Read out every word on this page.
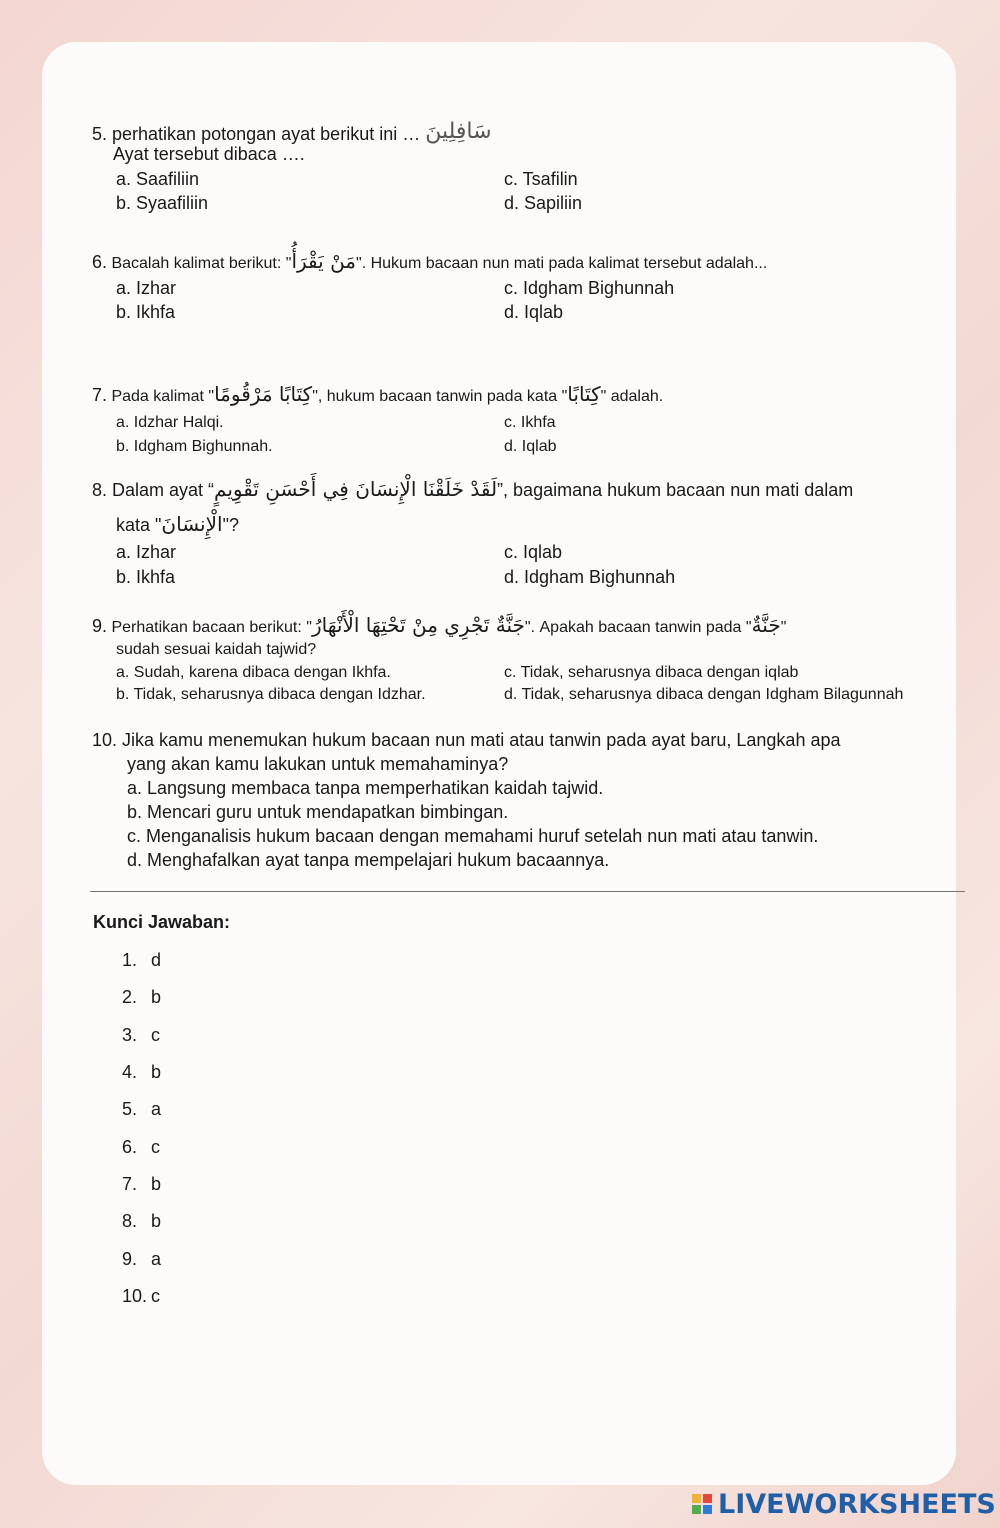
5. perhatikan potongan ayat berikut ini … سَافِلِينَ
Ayat tersebut dibaca ….
a. Saafiliin
b. Syaafiliin
c. Tsafilin
d. Sapiliin
6. Bacalah kalimat berikut: "مَنْ يَقْرَأُ". Hukum bacaan nun mati pada kalimat tersebut adalah...
a. Izhar
b. Ikhfa
c. Idgham Bighunnah
d. Iqlab
7. Pada kalimat "كِتَابًا مَرْقُومًا", hukum bacaan tanwin pada kata "كِتَابًا" adalah.
a. Idzhar Halqi.
b. Idgham Bighunnah.
c. Ikhfa
d. Iqlab
8. Dalam ayat “لَقَدْ خَلَقْنَا الْإِنسَانَ فِي أَحْسَنِ تَقْوِيمٍ”, bagaimana hukum bacaan nun mati dalam
kata "الْإِنسَانَ"?
a. Izhar
b. Ikhfa
c. Iqlab
d. Idgham Bighunnah
9. Perhatikan bacaan berikut: "جَنَّةٌ تَجْرِي مِنْ تَحْتِهَا الْأَنْهَارُ". Apakah bacaan tanwin pada "جَنَّةٌ"
sudah sesuai kaidah tajwid?
a. Sudah, karena dibaca dengan Ikhfa.
b. Tidak, seharusnya dibaca dengan Idzhar.
c. Tidak, seharusnya dibaca dengan iqlab
d. Tidak, seharusnya dibaca dengan Idgham Bilagunnah
10. Jika kamu menemukan hukum bacaan nun mati atau tanwin pada ayat baru, Langkah apa
yang akan kamu lakukan untuk memahaminya?
a. Langsung membaca tanpa memperhatikan kaidah tajwid.
b. Mencari guru untuk mendapatkan bimbingan.
c. Menganalisis hukum bacaan dengan memahami huruf setelah nun mati atau tanwin.
d. Menghafalkan ayat tanpa mempelajari hukum bacaannya.
Kunci Jawaban:
1. d
2. b
3. c
4. b
5. a
6. c
7. b
8. b
9. a
10. c
LIVEWORKSHEETS
